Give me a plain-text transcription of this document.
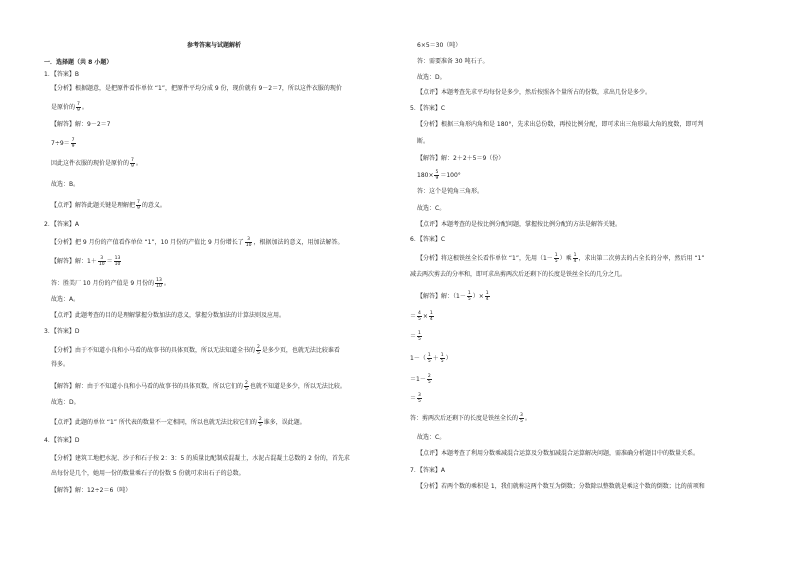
参考答案与试题解析
一．选择题（共 8 小题）
1．【答案】B
【分析】根据题意，是把原件看作单位 “1”，把原件平均分成 9 份，现价就有 9－2＝7，所以这件衣服的现价
是原价的 $\frac{7}{9}$ 。
【解答】解：9－2＝7
$7\div 9= \frac{7}{9}$
因此这件衣服的现价是原价的 $\frac{7}{9}$ 。
故选：B。
【点评】解答此题关键是理解把 $\frac{7}{9}$ 的意义。
2．【答案】A
【分析】把 9 月份的产值看作单位 “1”，10 月份的产值比 9 月份增长了 $\frac{3}{10}$ ，根据加法的意义，用加法解答。
【解答】解：$1+ \frac{3}{10} = \frac{13}{10}$
答：胜美厂 10 月份的产值是 9 月份的 $\frac{13}{10}$ 。
故选：A。
【点评】此题考查的目的是理解掌握分数加法的意义，掌握分数加法的计算法则及应用。
3．【答案】D
【分析】由于不知道小良和小马看的故事书的具体页数，所以无法知道全书的 $\frac{2}{5}$ 是多少页，也就无法比较谁看
得多。
【解答】解：由于不知道小良和小马看的故事书的具体页数，所以它们的 $\frac{2}{5}$ 也就不知道是多少，所以无法比较。
故选：D。
【点评】此题的单位 “1” 所代表的数量不一定相同，所以也就无法比较它们的 $\frac{2}{5}$ 谁多，误此题。
4．【答案】D
【分析】建筑工地把水泥、沙子和石子按 2：3：5 的质量比配制成混凝土，水泥占混凝土总数的 2 份的，首先求
出每份是几个，她用一份的数量乘石子的份数 5 份就可求出石子的总数。
【解答】解：12÷2＝6（吨）
6×5＝30（吨）
答：需要准备 30 吨石子。
故选：D。
【点评】本题考查先求平均每份是多少，然后按照各个量所占的份数，求出几份是多少。
5．【答案】C
【分析】根据三角形内角和是 180°，先求出总份数，再按比例分配，即可求出三角形最大角的度数，即可判
断。
【解答】解：2＋2＋5＝9（份）
$180\times \frac{5}{9} =100^\circ$
答：这个是钝角三角形。
故选：C。
【点评】本题考查的是按比例分配问题，掌握按比例分配的方法是解答关键。
6．【答案】C
【分析】将这根铁丝全长看作单位 “1”，先用（$1- \frac{1}{5}$ ）乘 $\frac{1}{4}$ ，求出第二次剪去的占全长的分率，然后用 “1”
减去两次剪去的分率和，即可求出剪两次后还剩下的长度是铁丝全长的几分之几。
【解答】解：（$1- \frac{1}{5}$ ）× $\frac{1}{4}$
＝ $\frac{4}{5} \times \frac{1}{4}$
＝ $\frac{1}{5}$
$1-( \frac{1}{5} + \frac{1}{5}$ ）
$=1- \frac{2}{5}$
＝ $\frac{3}{5}$
答：剪两次后还剩下的长度是铁丝全长的 $\frac{3}{5}$ 。
故选：C。
【点评】本题考查了利用分数乘减混合运算及分数加减混合运算解决问题，需准确分析题目中的数量关系。
7．【答案】A
【分析】若两个数的乘积是 1，我们就称这两个数互为倒数；分数除以整数就是乘这个数的倒数；比的前项和
